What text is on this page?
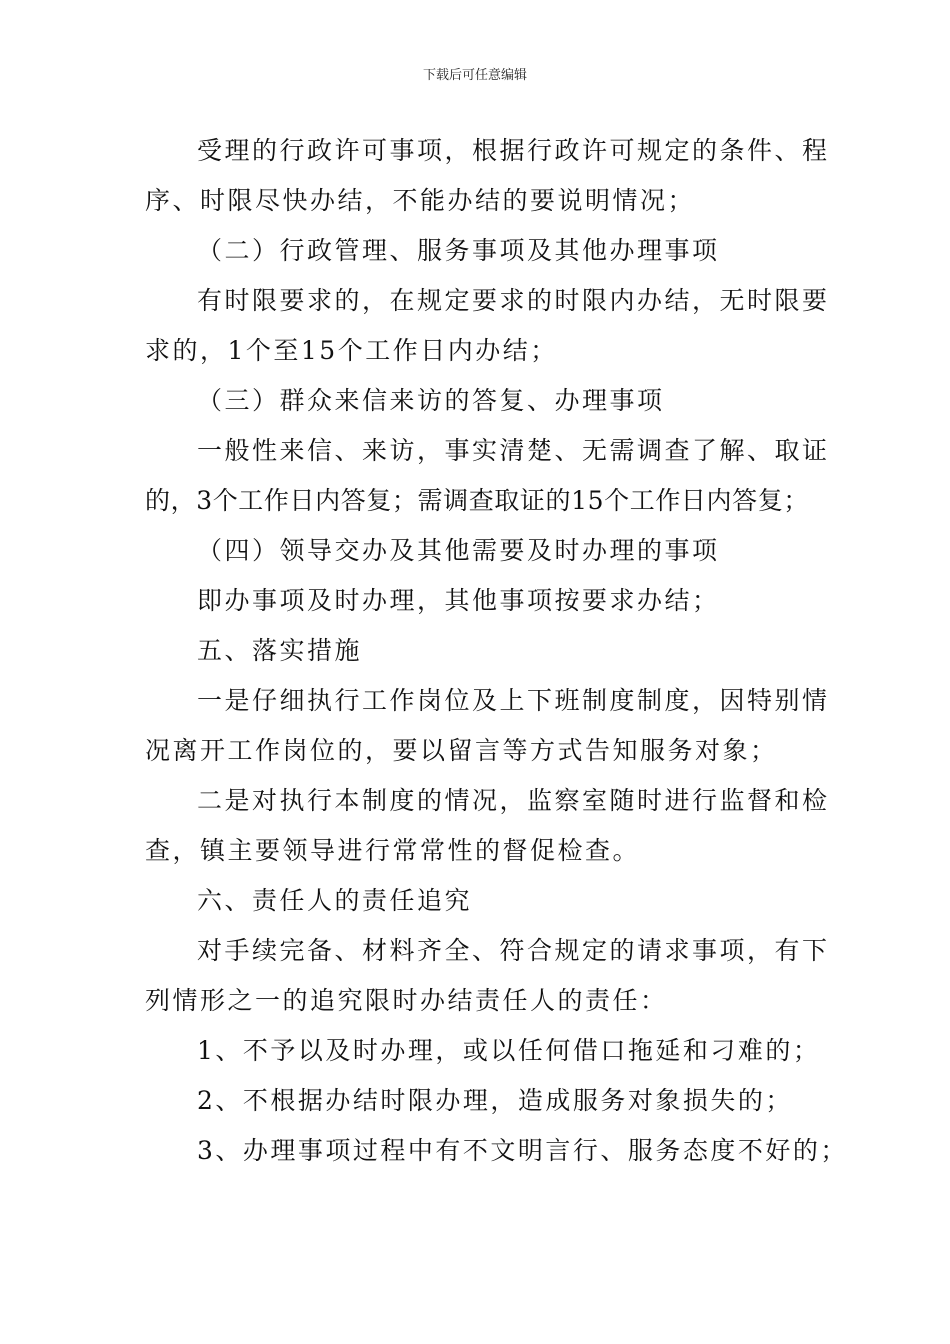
下载后可任意编辑
受理的行政许可事项，根据行政许可规定的条件、程
序、时限尽快办结，不能办结的要说明情况；
（二）行政管理、服务事项及其他办理事项
有时限要求的，在规定要求的时限内办结，无时限要
求的，1个至15个工作日内办结；
（三）群众来信来访的答复、办理事项
一般性来信、来访，事实清楚、无需调查了解、取证
的，3个工作日内答复；需调查取证的15个工作日内答复；
（四）领导交办及其他需要及时办理的事项
即办事项及时办理，其他事项按要求办结；
五、落实措施
一是仔细执行工作岗位及上下班制度制度，因特别情
况离开工作岗位的，要以留言等方式告知服务对象；
二是对执行本制度的情况，监察室随时进行监督和检
查，镇主要领导进行常常性的督促检查。
六、责任人的责任追究
对手续完备、材料齐全、符合规定的请求事项，有下
列情形之一的追究限时办结责任人的责任：
1、不予以及时办理，或以任何借口拖延和刁难的；
2、不根据办结时限办理，造成服务对象损失的；
3、办理事项过程中有不文明言行、服务态度不好的；
